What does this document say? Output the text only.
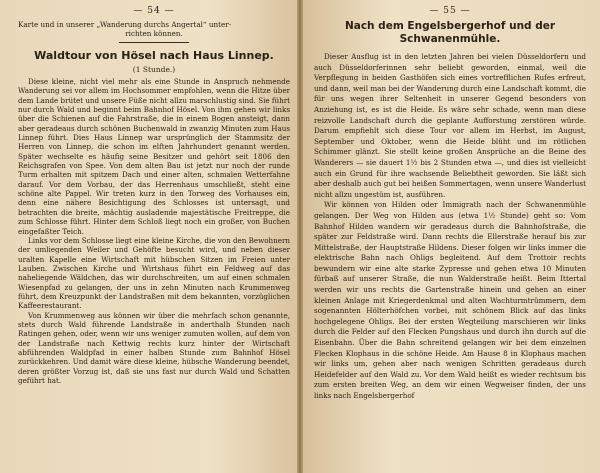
— 54 —

Karte und in unserer „Wanderung durchs Angertal“ unter-

richten können.

Waldtour von Hösel nach Haus Linnep.
(1 Stunde.)

Diese kleine, nicht viel mehr als eine Stunde in Anspruch nehmende Wanderung sei vor allem im Hochsommer empfohlen, wenn die Hitze über dem Lande brütet und unsere Füße nicht allzu marschlustig sind. Sie führt nur durch Wald und beginnt beim Bahnhof Hösel. Von ihm gehen wir links über die Schienen auf die Fahrstraße, die in einem Bogen ansteigt, dann aber geradeaus durch schönen Buchenwald in zwanzig Minuten zum Haus Linnep führt. Dies Haus Linnep war ursprünglich der Stammsitz der Herren von Linnep, die schon im elften Jahrhundert genannt werden. Später wechselte es häufig seine Besitzer und gehört seit 1806 den Reichsgrafen von Spee. Von dem alten Bau ist jetzt nur noch der runde Turm erhalten mit spitzem Dach und einer alten, schmalen Wetterfahne darauf. Vor dem Vorbau, der das Herrenhaus umschließt, steht eine schöne alte Pappel. Wir treten kurz in den Torweg des Vorhauses ein, denn eine nähere Besichtigung des Schlosses ist untersagt, und betrachten die breite, mächtig ausladende majestätische Freitreppe, die zum Schlosse führt. Hinter dem Schloß liegt noch ein großer, von Buchen eingefaßter Teich.

Links vor dem Schlosse liegt eine kleine Kirche, die von den Bewohnern der umliegenden Weiler und Gehöfte besucht wird, und neben dieser uralten Kapelle eine Wirtschaft mit hübschen Sitzen im Freien unter Lauben. Zwischen Kirche und Wirtshaus führt ein Feldweg auf das naheliegende Wäldchen, das wir durchschreiten, um auf einen schmalen Wiesenpfad zu gelangen, der uns in zehn Minuten nach Krummenweg führt, dem Kreuzpunkt der Landstraßen mit dem bekannten, vorzüglichen Kaffeerestaurant.

Von Krummenweg aus können wir über die mehrfach schon genannte, stets durch Wald führende Landstraße in anderthalb Stunden nach Ratingen gehen, oder, wenn wir uns weniger zumuten wollen, auf dem von der Landstraße nach Kettwig rechts kurz hinter der Wirtschaft abführenden Waldpfad in einer halben Stunde zum Bahnhof Hösel zurückkehren. Und damit wäre diese kleine, hübsche Wanderung beendet, deren größter Vorzug ist, daß sie uns fast nur durch Wald und Schatten geführt hat.

— 55 —
Nach dem Engelsbergerhof und der
Schwanenmühle.

Dieser Ausflug ist in den letzten Jahren bei vielen Düsseldorfern und auch Düsseldorferinnen sehr beliebt geworden, einmal, weil die Verpflegung in beiden Gasthöfen sich eines vortrefflichen Rufes erfreut, und dann, weil man bei der Wanderung durch eine Landschaft kommt, die für uns wegen ihrer Seltenheit in unserer Gegend besonders von Anziehung ist, es ist die Heide. Es wäre sehr schade, wenn man diese reizvolle Landschaft durch die geplante Aufforstung zerstören würde. Darum empfiehlt sich diese Tour vor allem im Herbst, im August, September und Oktober, wenn die Heide blüht und im rötlichen Schimmer glänzt. Sie stellt keine großen Ansprüche an die Beine des Wanderers — sie dauert 1½ bis 2 Stunden etwa —, und dies ist vielleicht auch ein Grund für ihre wachsende Beliebtheit geworden. Sie läßt sich aber deshalb auch gut bei heißen Sommertagen, wenn unsere Wanderlust nicht allzu ungestüm ist, ausführen.

Wir können von Hilden oder Immigrath nach der Schwanenmühle gelangen. Der Weg von Hilden aus (etwa 1½ Stunde) geht so: Vom Bahnhof Hilden wandern wir geradeaus durch die Bahnhofstraße, die später zur Feldstraße wird. Dann rechts die Ellerstraße herauf bis zur Mittelstraße, der Hauptstraße Hildens. Dieser folgen wir links immer die elektrische Bahn nach Ohligs begleitend. Auf dem Trottoir rechts bewundern wir eine alte starke Zypresse und gehen etwa 10 Minuten fürbaß auf unserer Straße, die nun Walderstraße heißt. Beim Ittertal werden wir uns rechts die Gartenstraße hinein und gehen an einer kleinen Anlage mit Kriegerdenkmal und alten Wachturmtrümmern, dem sogenannten Hölterhöfchen vorbei, mit schönem Blick auf das links hochgelegene Ohligs. Bei der ersten Wegteilung marschieren wir links durch die Felder auf den Flecken Pungshaus und durch ihn durch auf die Eisenbahn. Über die Bahn schreitend gelangen wir bei dem einzelnen Flecken Klophaus in die schöne Heide. Am Hause 8 in Klophaus machen wir links um, gehen aber nach wenigen Schritten geradeaus durch Heidefelder auf den Wald zu. Vor dem Wald heißt es wieder rechtsum bis zum ersten breiten Weg, an dem wir einen Wegweiser finden, der uns links nach Engelsbergerhof
